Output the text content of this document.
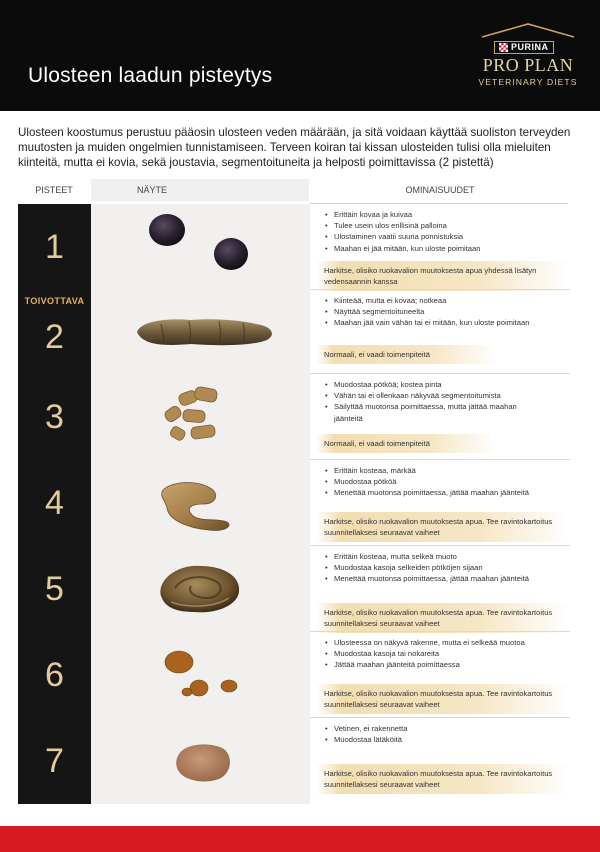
Ulosteen laadun pisteytys
PURINA
PRO PLAN
VETERINARY DIETS

Ulosteen koostumus perustuu pääosin ulosteen veden määrään, ja sitä voidaan käyttää suoliston terveyden muutosten ja muiden ongelmien tunnistamiseen. Terveen koiran tai kissan ulosteiden tulisi olla mieluiten kiinteitä, mutta ei kovia, sekä joustavia, segmentoituneita ja helposti poimittavissa (2 pistettä)

PISTEET	NÄYTE	OMINAISUUDET
1
• Erittäin kovaa ja kuivaa
• Tulee usein ulos erillisinä palloina
• Ulostaminen vaatii suuria ponnistuksia
• Maahan ei jää mitään, kun uloste poimitaan
Harkitse, olisiko ruokavalion muutoksesta apua yhdessä lisätyn vedensaannin kanssa
TOIVOTTAVA
2
• Kiinteää, mutta ei kovaa; notkeaa
• Näyttää segmentoituneelta
• Maahan jää vain vähän tai ei mitään, kun uloste poimitaan
Normaali, ei vaadi toimenpiteitä
3
• Muodostaa pötköä; kostea pinta
• Vähän tai ei ollenkaan näkyvää segmentoitumista
• Säilyttää muotonsa poimittaessa, mutta jättää maahan jäänteitä
Normaali, ei vaadi toimenpiteitä
4
• Erittäin kosteaa, märkää
• Muodostaa pötköä
• Menettää muotonsa poimittaessa, jättää maahan jäänteitä
Harkitse, olisiko ruokavalion muutoksesta apua. Tee ravintokartoitus suunnitellaksesi seuraavat vaiheet
5
• Erittäin kosteaa, mutta selkeä muoto
• Muodostaa kasoja selkeiden pötköjen sijaan
• Menettää muotonsa poimittaessa, jättää maahan jäänteitä
Harkitse, olisiko ruokavalion muutoksesta apua. Tee ravintokartoitus suunnitellaksesi seuraavat vaiheet
6
• Ulosteessa on näkyvä rakenne, mutta ei selkeää muotoa
• Muodostaa kasoja tai nokareita
• Jättää maahan jäänteitä poimittaessa
Harkitse, olisiko ruokavalion muutoksesta apua. Tee ravintokartoitus suunnitellaksesi seuraavat vaiheet
7
• Vetinen, ei rakennetta
• Muodostaa lätäköitä
Harkitse, olisiko ruokavalion muutoksesta apua. Tee ravintokartoitus suunnitellaksesi seuraavat vaiheet
